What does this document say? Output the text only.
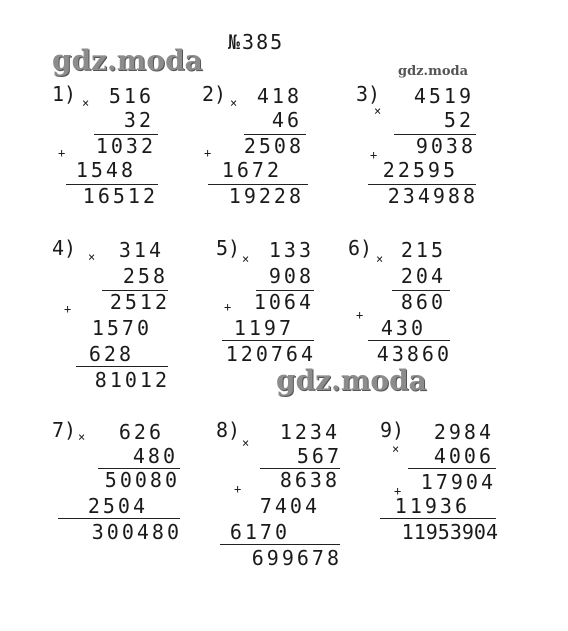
№385
gdz.moda	gdz.moda
gdz.moda
1) × 516
32
+ 1032
1548
16512
2) × 418
46
+ 2508
1672
19228
3)
×
4519
52
+ 9038
22595
234988
4) × 314
258
+ 2512
1570
628
81012
5) × 133
908
+ 1064
1197
120764
6) × 215
204
+
860
430
43860
7) × 626
480
50080
2504
300480
8)
× 1234
567
+ 8638
7404
6170
699678
9)
×
2984
4006
+ 17904
11936
11953904
